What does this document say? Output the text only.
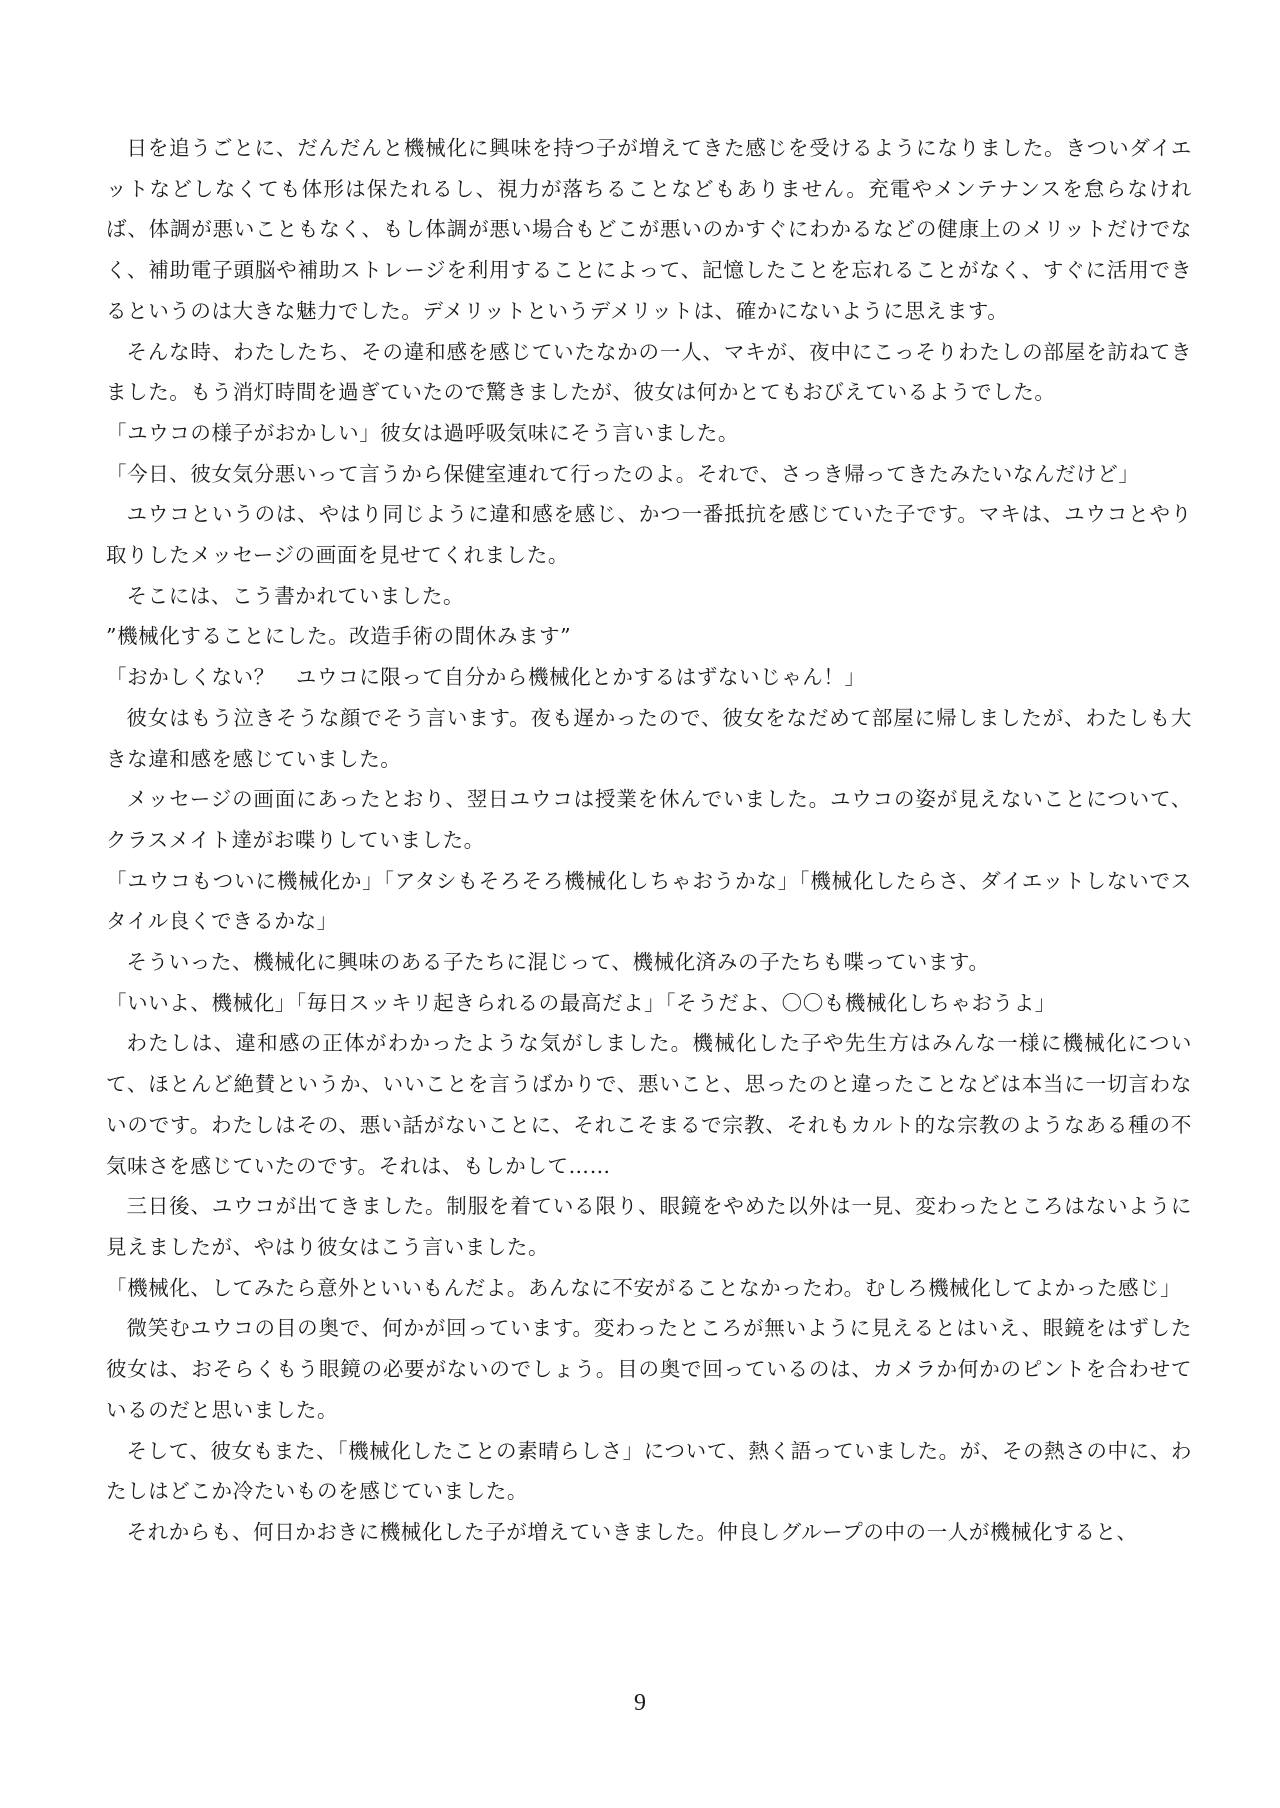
日を追うごとに、だんだんと機械化に興味を持つ子が増えてきた感じを受けるようになりました。きついダイエットなどしなくても体形は保たれるし、視力が落ちることなどもありません。充電やメンテナンスを怠らなければ、体調が悪いこともなく、もし体調が悪い場合もどこが悪いのかすぐにわかるなどの健康上のメリットだけでなく、補助電子頭脳や補助ストレージを利用することによって、記憶したことを忘れることがなく、すぐに活用できるというのは大きな魅力でした。デメリットというデメリットは、確かにないように思えます。

そんな時、わたしたち、その違和感を感じていたなかの一人、マキが、夜中にこっそりわたしの部屋を訪ねてきました。もう消灯時間を過ぎていたので驚きましたが、彼女は何かとてもおびえているようでした。

「ユウコの様子がおかしい」彼女は過呼吸気味にそう言いました。

「今日、彼女気分悪いって言うから保健室連れて行ったのよ。それで、さっき帰ってきたみたいなんだけど」

ユウコというのは、やはり同じように違和感を感じ、かつ一番抵抗を感じていた子です。マキは、ユウコとやり取りしたメッセージの画面を見せてくれました。

そこには、こう書かれていました。

”機械化することにした。改造手術の間休みます”

「おかしくない？　ユウコに限って自分から機械化とかするはずないじゃん！」

彼女はもう泣きそうな顔でそう言います。夜も遅かったので、彼女をなだめて部屋に帰しましたが、わたしも大きな違和感を感じていました。

メッセージの画面にあったとおり、翌日ユウコは授業を休んでいました。ユウコの姿が見えないことについて、クラスメイト達がお喋りしていました。

「ユウコもついに機械化か」「アタシもそろそろ機械化しちゃおうかな」「機械化したらさ、ダイエットしないでスタイル良くできるかな」

そういった、機械化に興味のある子たちに混じって、機械化済みの子たちも喋っています。

「いいよ、機械化」「毎日スッキリ起きられるの最高だよ」「そうだよ、〇〇も機械化しちゃおうよ」

わたしは、違和感の正体がわかったような気がしました。機械化した子や先生方はみんな一様に機械化について、ほとんど絶賛というか、いいことを言うばかりで、悪いこと、思ったのと違ったことなどは本当に一切言わないのです。わたしはその、悪い話がないことに、それこそまるで宗教、それもカルト的な宗教のようなある種の不気味さを感じていたのです。それは、もしかして……

三日後、ユウコが出てきました。制服を着ている限り、眼鏡をやめた以外は一見、変わったところはないように見えましたが、やはり彼女はこう言いました。

「機械化、してみたら意外といいもんだよ。あんなに不安がることなかったわ。むしろ機械化してよかった感じ」

微笑むユウコの目の奥で、何かが回っています。変わったところが無いように見えるとはいえ、眼鏡をはずした彼女は、おそらくもう眼鏡の必要がないのでしょう。目の奥で回っているのは、カメラか何かのピントを合わせているのだと思いました。

そして、彼女もまた、「機械化したことの素晴らしさ」について、熱く語っていました。が、その熱さの中に、わたしはどこか冷たいものを感じていました。

それからも、何日かおきに機械化した子が増えていきました。仲良しグループの中の一人が機械化すると、

9
